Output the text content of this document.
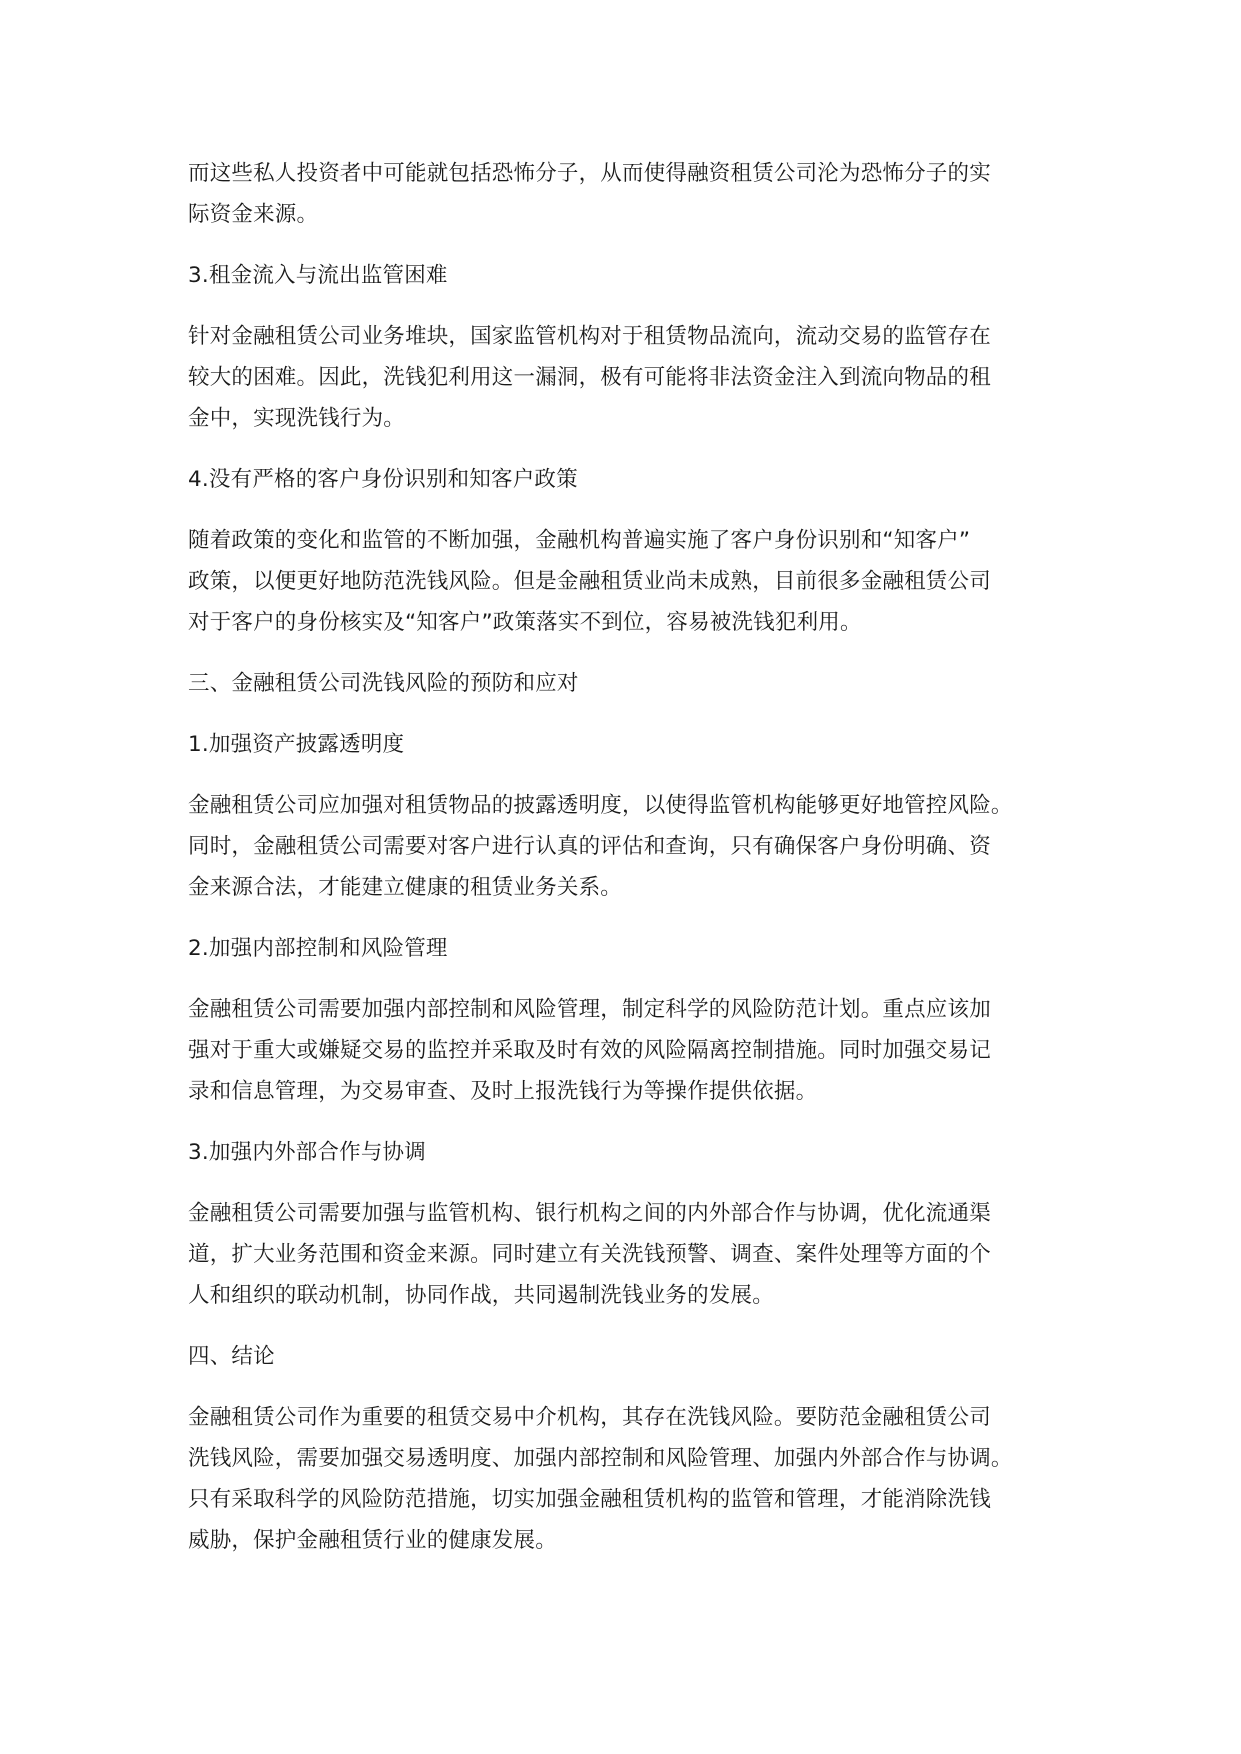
而这些私人投资者中可能就包括恐怖分子，从而使得融资租赁公司沦为恐怖分子的实
际资金来源。

3.租金流入与流出监管困难

针对金融租赁公司业务堆块，国家监管机构对于租赁物品流向，流动交易的监管存在
较大的困难。因此，洗钱犯利用这一漏洞，极有可能将非法资金注入到流向物品的租
金中，实现洗钱行为。

4.没有严格的客户身份识别和知客户政策

随着政策的变化和监管的不断加强，金融机构普遍实施了客户身份识别和“知客户”
政策，以便更好地防范洗钱风险。但是金融租赁业尚未成熟，目前很多金融租赁公司
对于客户的身份核实及“知客户”政策落实不到位，容易被洗钱犯利用。

三、金融租赁公司洗钱风险的预防和应对

1.加强资产披露透明度

金融租赁公司应加强对租赁物品的披露透明度，以使得监管机构能够更好地管控风险。
同时，金融租赁公司需要对客户进行认真的评估和查询，只有确保客户身份明确、资
金来源合法，才能建立健康的租赁业务关系。

2.加强内部控制和风险管理

金融租赁公司需要加强内部控制和风险管理，制定科学的风险防范计划。重点应该加
强对于重大或嫌疑交易的监控并采取及时有效的风险隔离控制措施。同时加强交易记
录和信息管理，为交易审查、及时上报洗钱行为等操作提供依据。

3.加强内外部合作与协调

金融租赁公司需要加强与监管机构、银行机构之间的内外部合作与协调，优化流通渠
道，扩大业务范围和资金来源。同时建立有关洗钱预警、调查、案件处理等方面的个
人和组织的联动机制，协同作战，共同遏制洗钱业务的发展。

四、结论

金融租赁公司作为重要的租赁交易中介机构，其存在洗钱风险。要防范金融租赁公司
洗钱风险，需要加强交易透明度、加强内部控制和风险管理、加强内外部合作与协调。
只有采取科学的风险防范措施，切实加强金融租赁机构的监管和管理，才能消除洗钱
威胁，保护金融租赁行业的健康发展。
